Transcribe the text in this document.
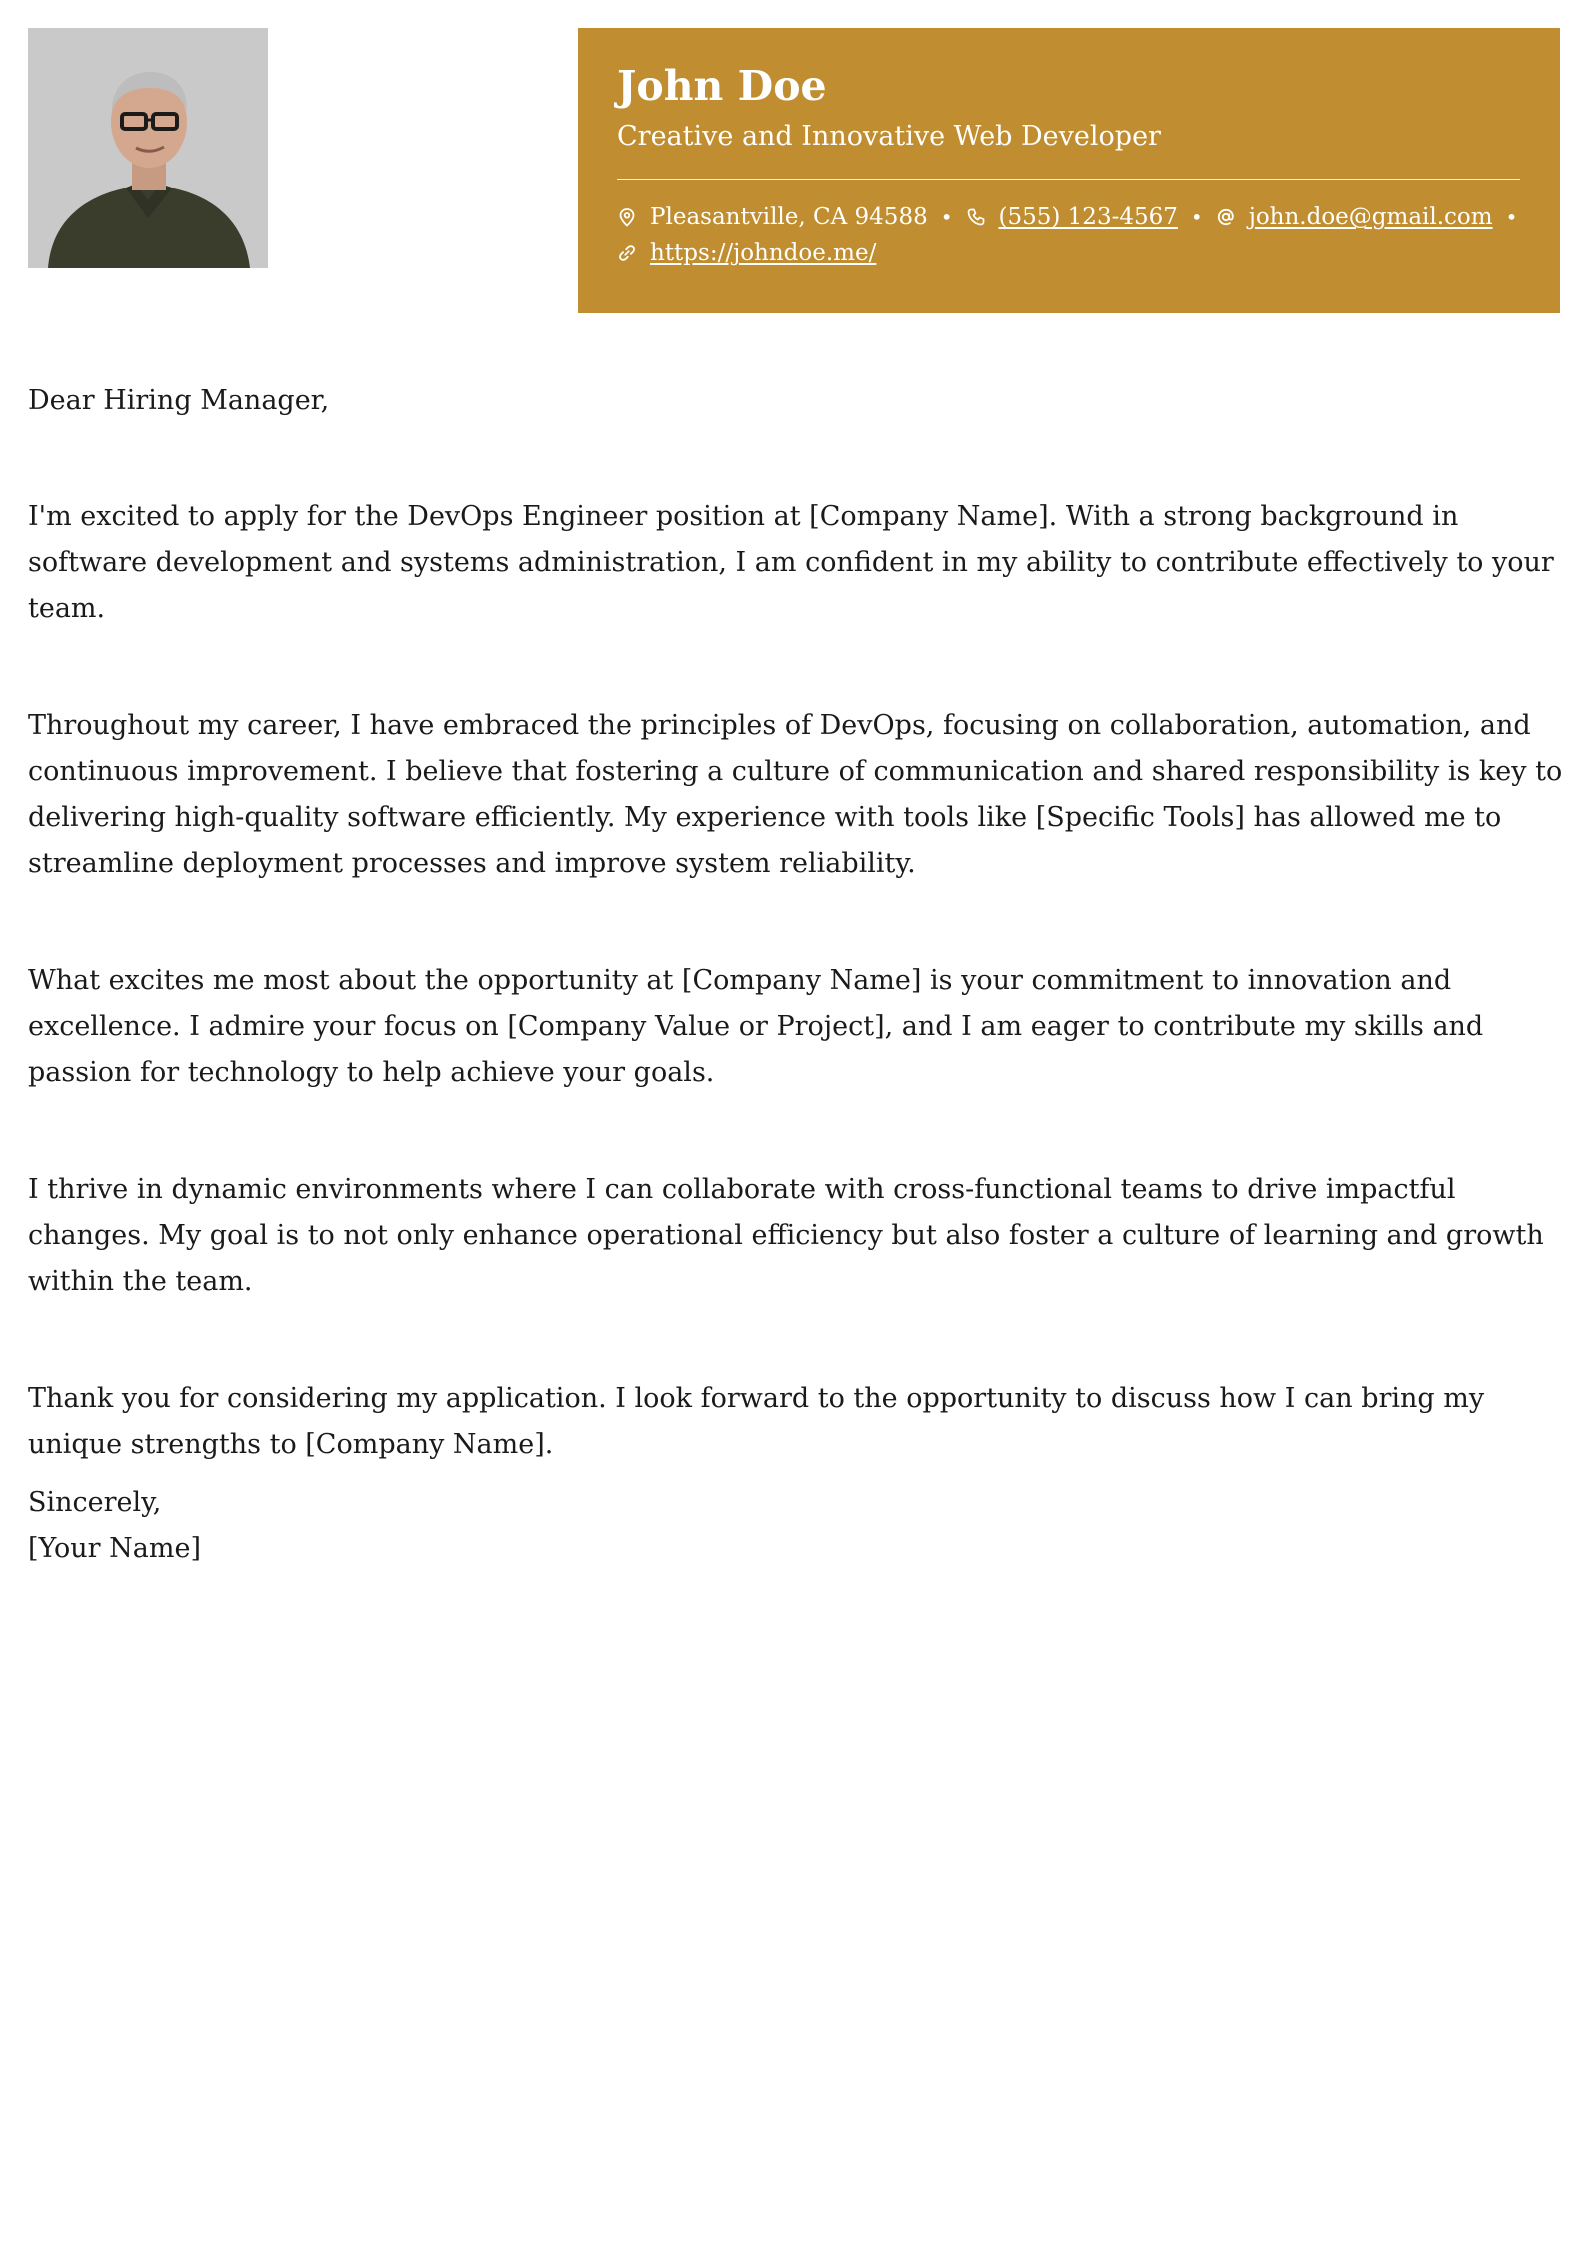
John Doe
Creative and Innovative Web Developer
Pleasantville, CA 94588 • (555) 123-4567 • john.doe@gmail.com •
https://johndoe.me/

Dear Hiring Manager,

I'm excited to apply for the DevOps Engineer position at [Company Name]. With a strong background in software development and systems administration, I am confident in my ability to contribute effectively to your team.

Throughout my career, I have embraced the principles of DevOps, focusing on collaboration, automation, and continuous improvement. I believe that fostering a culture of communication and shared responsibility is key to delivering high-quality software efficiently. My experience with tools like [Specific Tools] has allowed me to streamline deployment processes and improve system reliability.

What excites me most about the opportunity at [Company Name] is your commitment to innovation and excellence. I admire your focus on [Company Value or Project], and I am eager to contribute my skills and passion for technology to help achieve your goals.

I thrive in dynamic environments where I can collaborate with cross-functional teams to drive impactful changes. My goal is to not only enhance operational efficiency but also foster a culture of learning and growth within the team.

Thank you for considering my application. I look forward to the opportunity to discuss how I can bring my unique strengths to [Company Name].

Sincerely,

[Your Name]
